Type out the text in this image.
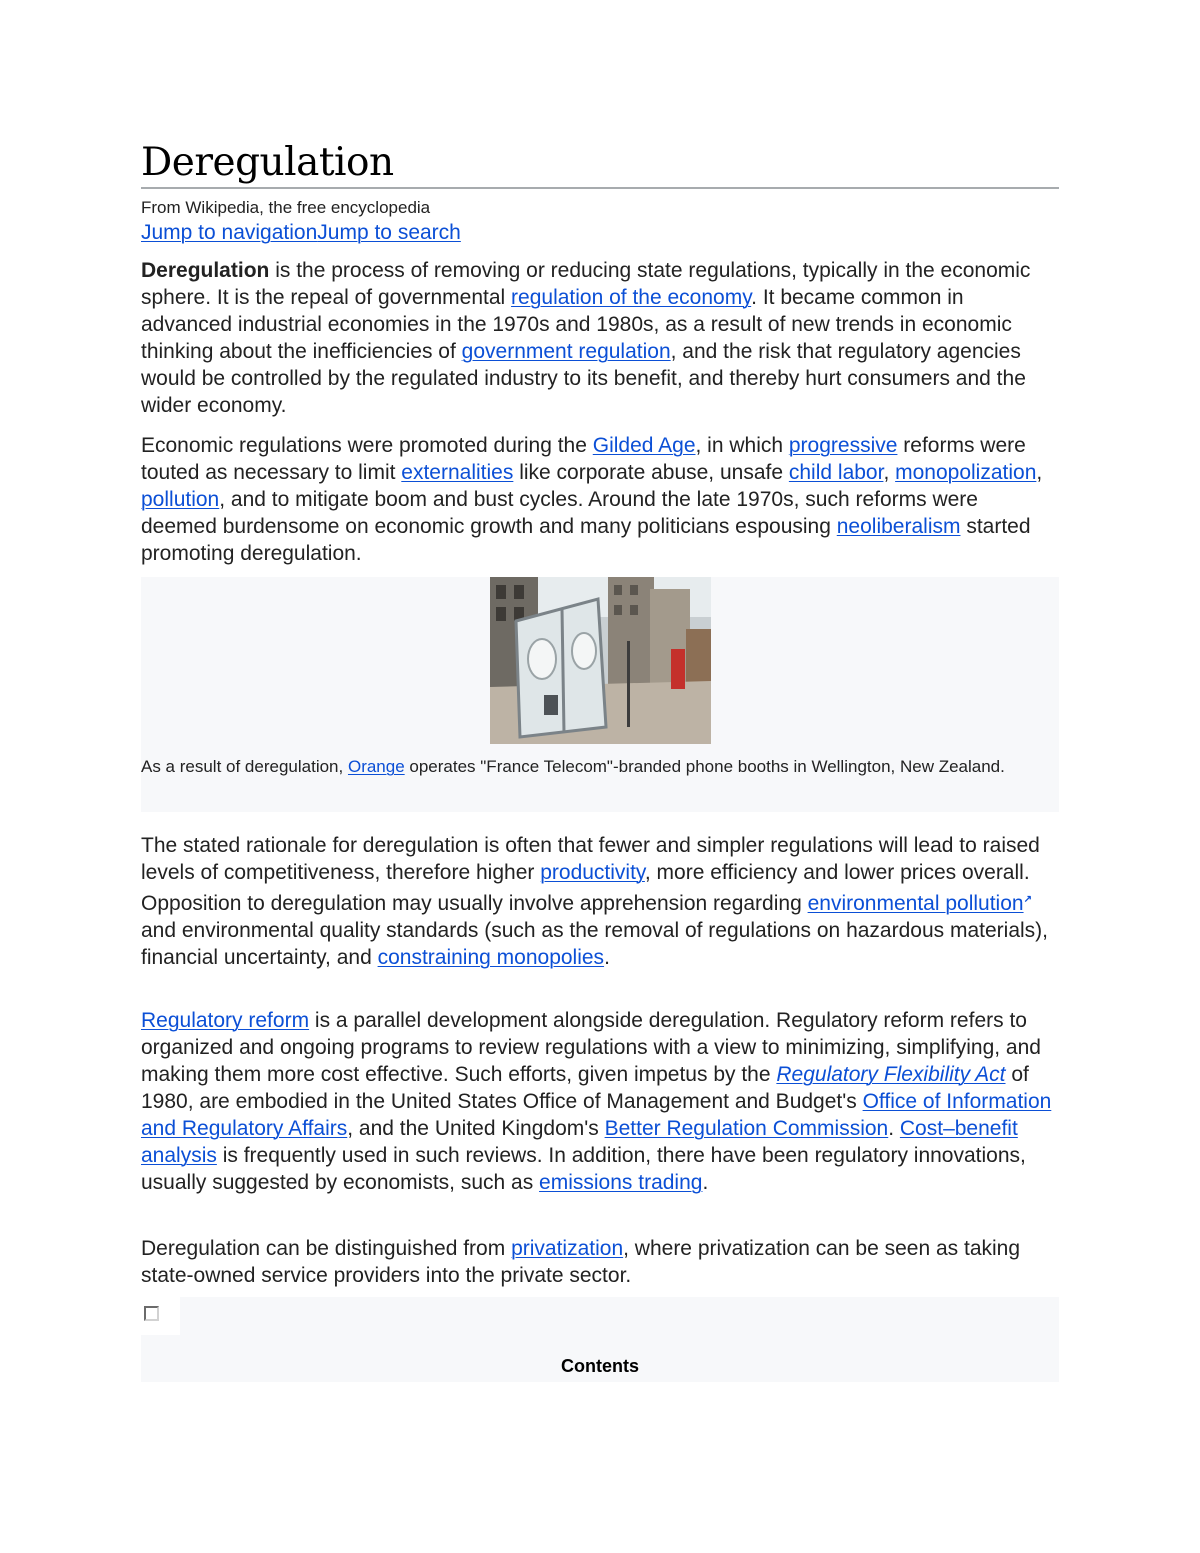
Deregulation
From Wikipedia, the free encyclopedia
Jump to navigationJump to search

Deregulation is the process of removing or reducing state regulations, typically in the economic sphere. It is the repeal of governmental regulation of the economy. It became common in advanced industrial economies in the 1970s and 1980s, as a result of new trends in economic thinking about the inefficiencies of government regulation, and the risk that regulatory agencies would be controlled by the regulated industry to its benefit, and thereby hurt consumers and the wider economy.

Economic regulations were promoted during the Gilded Age, in which progressive reforms were touted as necessary to limit externalities like corporate abuse, unsafe child labor, monopolization, pollution, and to mitigate boom and bust cycles. Around the late 1970s, such reforms were deemed burdensome on economic growth and many politicians espousing neoliberalism started promoting deregulation.

As a result of deregulation, Orange operates "France Telecom"-branded phone booths in Wellington, New Zealand.

The stated rationale for deregulation is often that fewer and simpler regulations will lead to raised levels of competitiveness, therefore higher productivity, more efficiency and lower prices overall. Opposition to deregulation may usually involve apprehension regarding environmental pollution↗ and environmental quality standards (such as the removal of regulations on hazardous materials), financial uncertainty, and constraining monopolies.

Regulatory reform is a parallel development alongside deregulation. Regulatory reform refers to organized and ongoing programs to review regulations with a view to minimizing, simplifying, and making them more cost effective. Such efforts, given impetus by the Regulatory Flexibility Act of 1980, are embodied in the United States Office of Management and Budget's Office of Information and Regulatory Affairs, and the United Kingdom's Better Regulation Commission. Cost–benefit analysis is frequently used in such reviews. In addition, there have been regulatory innovations, usually suggested by economists, such as emissions trading.

Deregulation can be distinguished from privatization, where privatization can be seen as taking state-owned service providers into the private sector.

Contents
